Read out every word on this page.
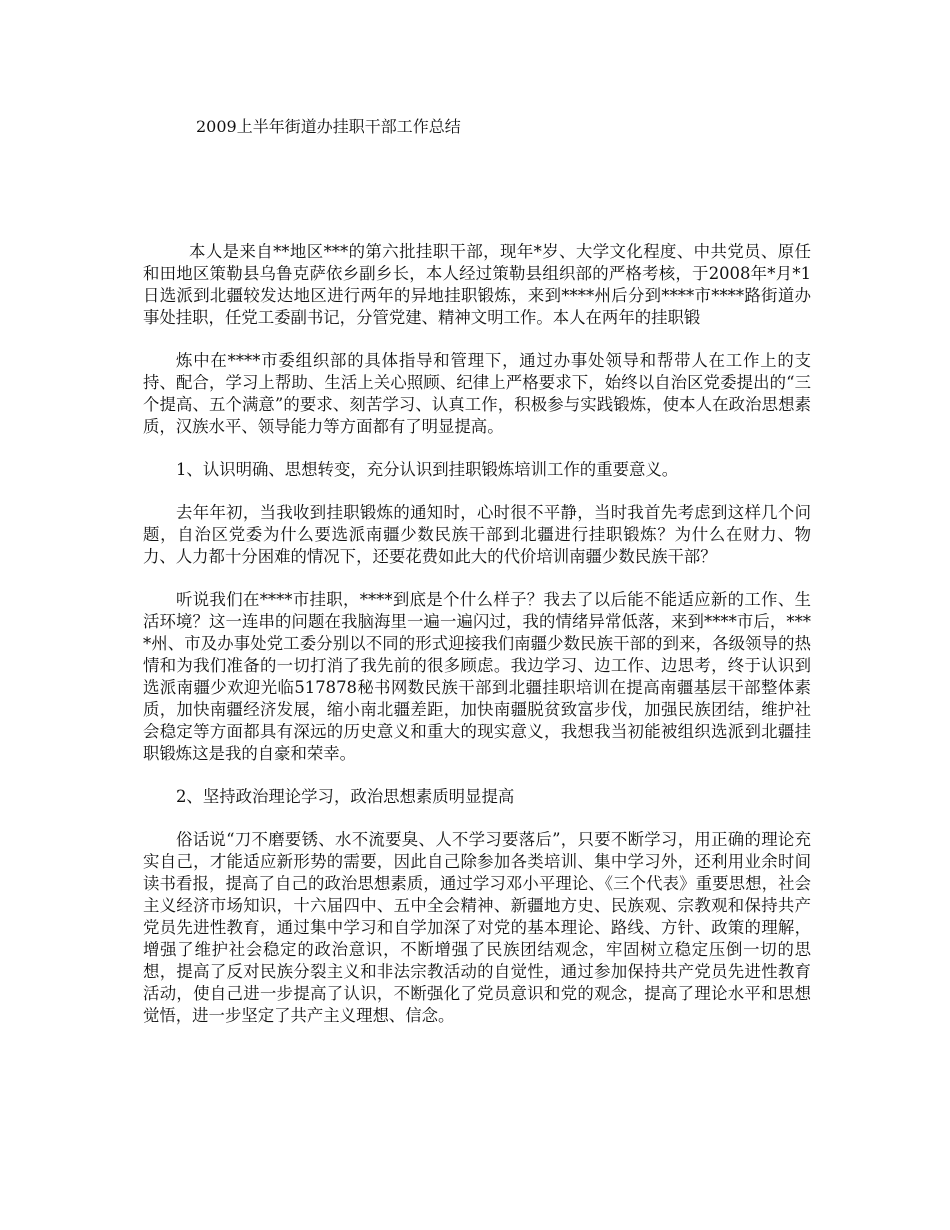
2009上半年街道办挂职干部工作总结

本人是来自**地区***的第六批挂职干部，现年*岁、大学文化程度、中共党员、原任和田地区策勒县乌鲁克萨依乡副乡长，本人经过策勒县组织部的严格考核，于2008年*月*1日选派到北疆较发达地区进行两年的异地挂职锻炼，来到****州后分到****市****路街道办事处挂职，任党工委副书记，分管党建、精神文明工作。本人在两年的挂职锻

炼中在****市委组织部的具体指导和管理下，通过办事处领导和帮带人在工作上的支持、配合，学习上帮助、生活上关心照顾、纪律上严格要求下，始终以自治区党委提出的“三个提高、五个满意”的要求、刻苦学习、认真工作，积极参与实践锻炼，使本人在政治思想素质，汉族水平、领导能力等方面都有了明显提高。

1、认识明确、思想转变，充分认识到挂职锻炼培训工作的重要意义。

去年年初，当我收到挂职锻炼的通知时，心时很不平静，当时我首先考虑到这样几个问题，自治区党委为什么要选派南疆少数民族干部到北疆进行挂职锻炼？为什么在财力、物力、人力都十分困难的情况下，还要花费如此大的代价培训南疆少数民族干部？

听说我们在****市挂职，****到底是个什么样子？我去了以后能不能适应新的工作、生活环境？这一连串的问题在我脑海里一遍一遍闪过，我的情绪异常低落，来到****市后，****州、市及办事处党工委分别以不同的形式迎接我们南疆少数民族干部的到来，各级领导的热情和为我们准备的一切打消了我先前的很多顾虑。我边学习、边工作、边思考，终于认识到选派南疆少欢迎光临517878秘书网数民族干部到北疆挂职培训在提高南疆基层干部整体素质，加快南疆经济发展，缩小南北疆差距，加快南疆脱贫致富步伐，加强民族团结，维护社会稳定等方面都具有深远的历史意义和重大的现实意义，我想我当初能被组织选派到北疆挂职锻炼这是我的自豪和荣幸。

2、坚持政治理论学习，政治思想素质明显提高

俗话说“刀不磨要锈、水不流要臭、人不学习要落后”，只要不断学习，用正确的理论充实自己，才能适应新形势的需要，因此自己除参加各类培训、集中学习外，还利用业余时间读书看报，提高了自己的政治思想素质，通过学习邓小平理论、《三个代表》重要思想，社会主义经济市场知识，十六届四中、五中全会精神、新疆地方史、民族观、宗教观和保持共产党员先进性教育，通过集中学习和自学加深了对党的基本理论、路线、方针、政策的理解，增强了维护社会稳定的政治意识，不断增强了民族团结观念，牢固树立稳定压倒一切的思想，提高了反对民族分裂主义和非法宗教活动的自觉性，通过参加保持共产党员先进性教育活动，使自己进一步提高了认识，不断强化了党员意识和党的观念，提高了理论水平和思想觉悟，进一步坚定了共产主义理想、信念。
